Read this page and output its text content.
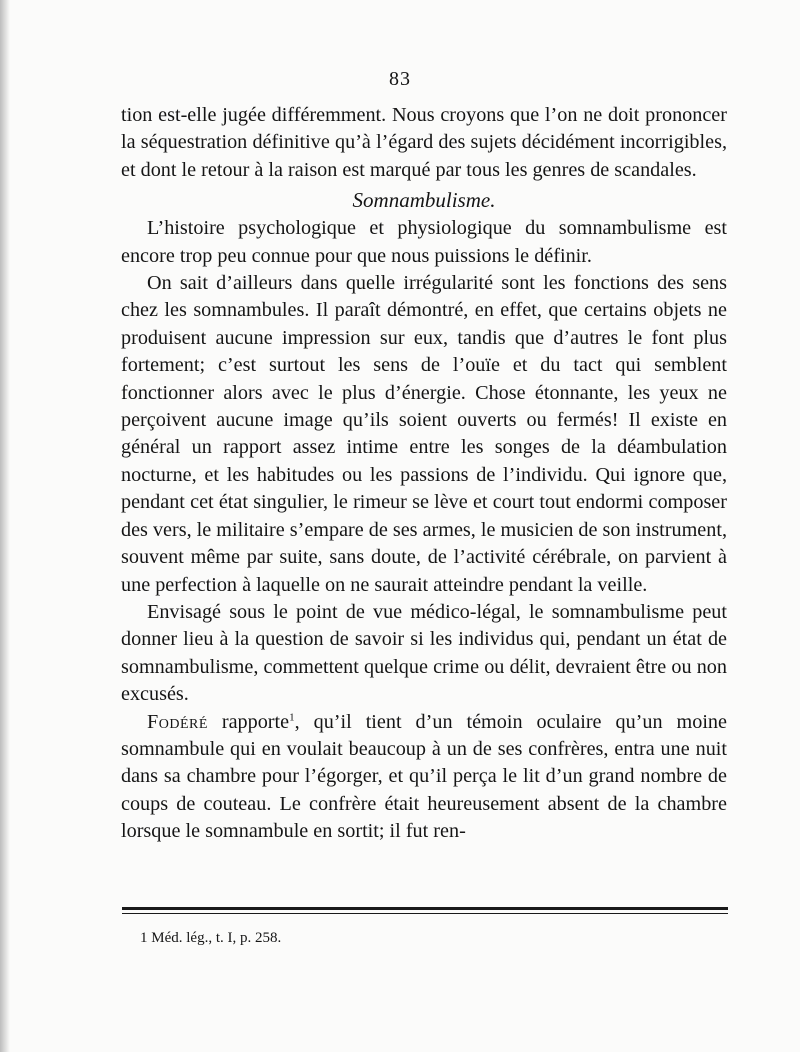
83

tion est-elle jugée différemment. Nous croyons que l’on ne doit prononcer la séquestration définitive qu’à l’égard des sujets décidément incorrigibles, et dont le retour à la raison est marqué par tous les genres de scandales.

Somnambulisme.

L’histoire psychologique et physiologique du somnambulisme est encore trop peu connue pour que nous puissions le définir.

On sait d’ailleurs dans quelle irrégularité sont les fonctions des sens chez les somnambules. Il paraît démontré, en effet, que certains objets ne produisent aucune impression sur eux, tandis que d’autres le font plus fortement; c’est surtout les sens de l’ouïe et du tact qui semblent fonctionner alors avec le plus d’énergie. Chose étonnante, les yeux ne perçoivent aucune image qu’ils soient ouverts ou fermés! Il existe en général un rapport assez intime entre les songes de la déambulation nocturne, et les habitudes ou les passions de l’individu. Qui ignore que, pendant cet état singulier, le rimeur se lève et court tout endormi composer des vers, le militaire s’empare de ses armes, le musicien de son instrument, souvent même par suite, sans doute, de l’activité cérébrale, on parvient à une perfection à laquelle on ne saurait atteindre pendant la veille.

Envisagé sous le point de vue médico-légal, le somnambulisme peut donner lieu à la question de savoir si les individus qui, pendant un état de somnambulisme, commettent quelque crime ou délit, devraient être ou non excusés.

Fodéré rapporte$^1$, qu’il tient d’un témoin oculaire qu’un moine somnambule qui en voulait beaucoup à un de ses confrères, entra une nuit dans sa chambre pour l’égorger, et qu’il perça le lit d’un grand nombre de coups de couteau. Le confrère était heureusement absent de la chambre lorsque le somnambule en sortit; il fut ren-

1 Méd. lég., t. I, p. 258.
